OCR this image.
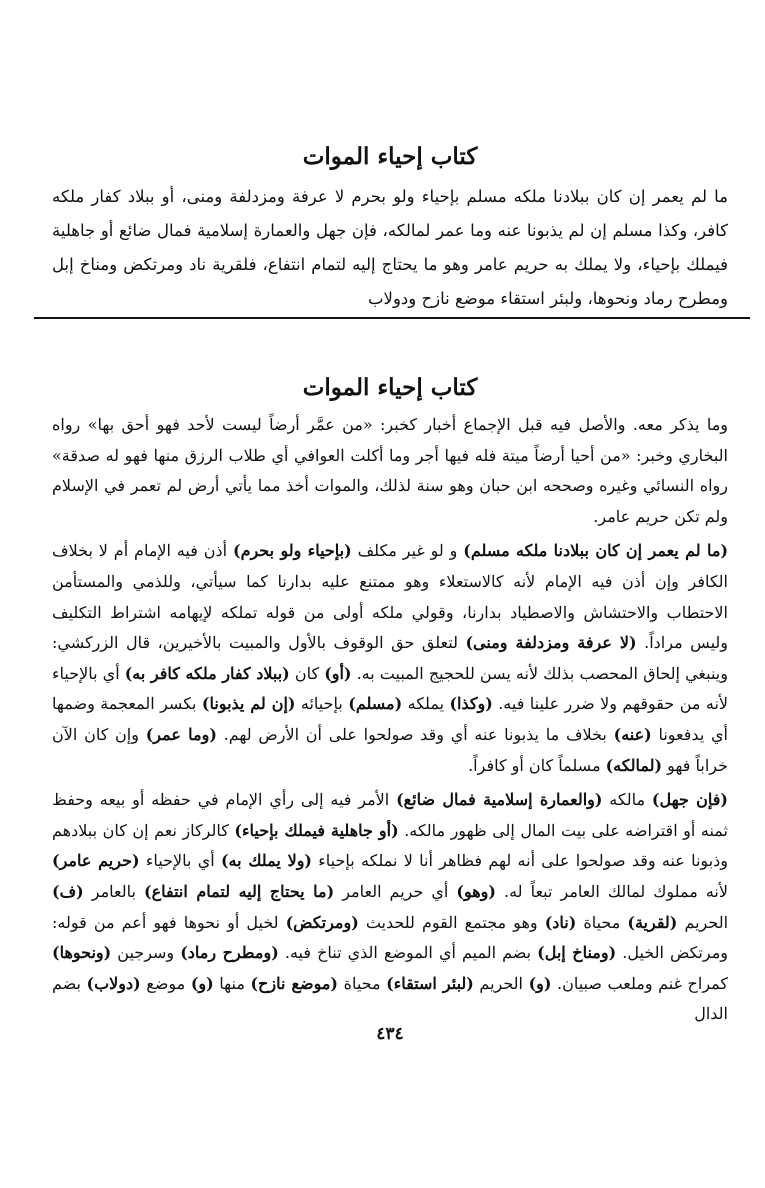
كتاب إحياء الموات

ما لم يعمر إن كان ببلادنا ملكه مسلم بإحياء ولو بحرم لا عرفة ومزدلفة ومنى، أو ببلاد كفار ملكه كافر، وكذا مسلم إن لم يذبونا عنه وما عمر لمالكه، فإن جهل والعمارة إسلامية فمال ضائع أو جاهلية فيملك بإحياء، ولا يملك به حريم عامر وهو ما يحتاج إليه لتمام انتفاع، فلقرية ناد ومرتكض ومناخ إبل ومطرح رماد ونحوها، ولبئر استقاء موضع نازح ودولاب

كتاب إحياء الموات

وما يذكر معه. والأصل فيه قبل الإجماع أخبار كخبر: «من عمَّر أرضاً ليست لأحد فهو أحق بها» رواه البخاري وخبر: «من أحيا أرضاً ميتة فله فيها أجر وما أكلت العوافي أي طلاب الرزق منها فهو له صدقة» رواه النسائي وغيره وصححه ابن حبان وهو سنة لذلك، والموات أخذ مما يأتي أرض لم تعمر في الإسلام ولم تكن حريم عامر.

(ما لم يعمر إن كان ببلادنا ملكه مسلم) و لو غير مكلف (بإحياء ولو بحرم) أذن فيه الإمام أم لا بخلاف الكافر وإن أذن فيه الإمام لأنه كالاستعلاء وهو ممتنع عليه بدارنا كما سيأتي، وللذمي والمستأمن الاحتطاب والاحتشاش والاصطياد بدارنا، وقولي ملكه أولى من قوله تملكه لإيهامه اشتراط التكليف وليس مراداً. (لا عرفة ومزدلفة ومنى) لتعلق حق الوقوف بالأول والمبيت بالأخيرين، قال الزركشي: وينبغي إلحاق المحصب بذلك لأنه يسن للحجيج المبيت به. (أو) كان (ببلاد كفار ملكه كافر به) أي بالإحياء لأنه من حقوقهم ولا ضرر علينا فيه. (وكذا) يملكه (مسلم) بإحيائه (إن لم يذبونا) بكسر المعجمة وضمها أي يدفعونا (عنه) بخلاف ما يذبونا عنه أي وقد صولحوا على أن الأرض لهم. (وما عمر) وإن كان الآن خراباً فهو (لمالكه) مسلماً كان أو كافراً.

(فإن جهل) مالكه (والعمارة إسلامية فمال ضائع) الأمر فيه إلى رأي الإمام في حفظه أو بيعه وحفظ ثمنه أو اقتراضه على بيت المال إلى ظهور مالكه. (أو جاهلية فيملك بإحياء) كالركاز نعم إن كان ببلادهم وذبونا عنه وقد صولحوا على أنه لهم فظاهر أنا لا نملكه بإحياء (ولا يملك به) أي بالإحياء (حريم عامر) لأنه مملوك لمالك العامر تبعاً له. (وهو) أي حريم العامر (ما يحتاج إليه لتمام انتفاع) بالعامر (ف) الحريم (لقرية) محياة (ناد) وهو مجتمع القوم للحديث (ومرتكض) لخيل أو نحوها فهو أعم من قوله: ومرتكض الخيل. (ومناخ إبل) بضم الميم أي الموضع الذي تناخ فيه. (ومطرح رماد) وسرجين (ونحوها) كمراح غنم وملعب صبيان. (و) الحريم (لبئر استقاء) محياة (موضع نازح) منها (و) موضع (دولاب) بضم الدال

٤٣٤
